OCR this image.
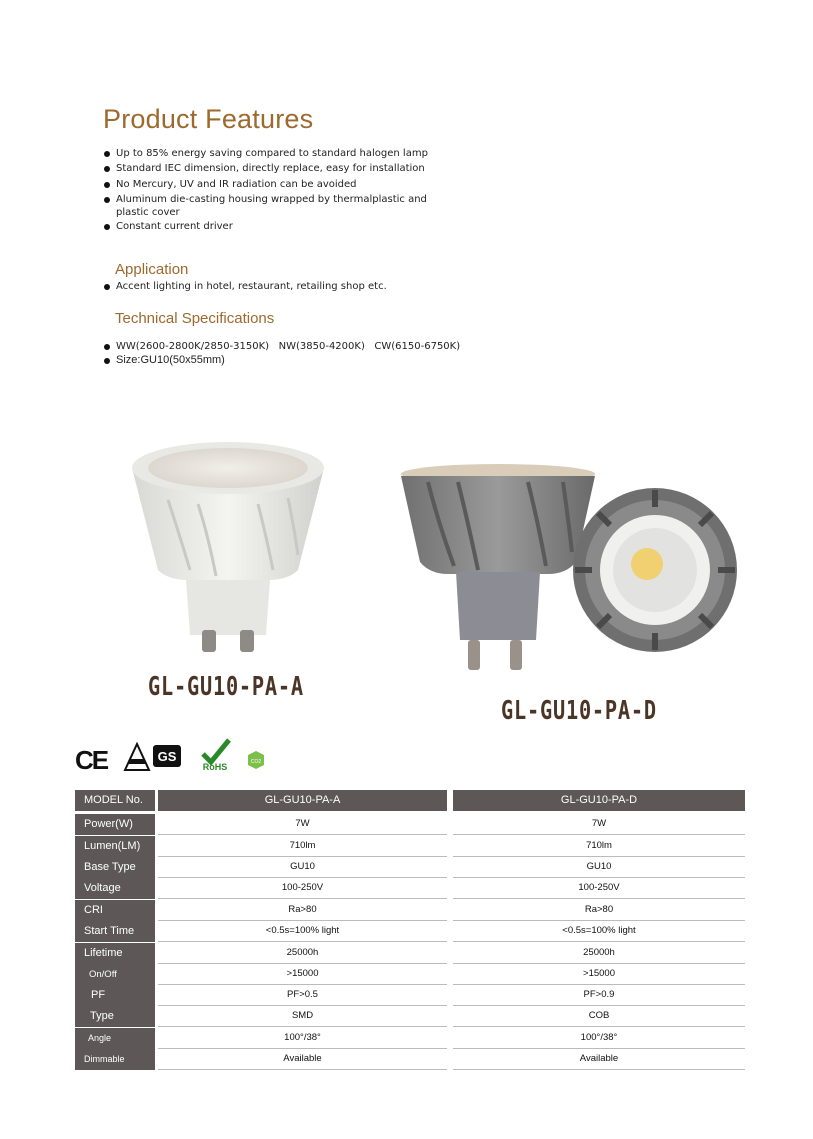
Product Features
Up to 85% energy saving compared to standard halogen lamp
Standard IEC dimension, directly replace, easy for installation
No Mercury, UV and IR radiation can be avoided
Aluminum die-casting housing wrapped by thermalplastic and plastic cover
Constant current driver
Application
Accent lighting in hotel, restaurant, retailing shop etc.
Technical Specifications
WW(2600-2800K/2850-3150K)   NW(3850-4200K)   CW(6150-6750K)
Size:GU10(50x55mm)
GL-GU10-PA-A
GL-GU10-PA-D
CE	GS
RoHS	CO2
MODEL No.	GL-GU10-PA-A	GL-GU10-PA-D
Power(W)	7W	7W
Lumen(LM)	710lm	710lm
Base Type	GU10	GU10
Voltage	100-250V	100-250V
CRI	Ra>80	Ra>80
Start Time	<0.5s=100% light	<0.5s=100% light
Lifetime	25000h	25000h
On/Off	>15000	>15000
PF	PF>0.5	PF>0.9
Type	SMD	COB
Angle	100°/38°	100°/38°
Dimmable	Available	Available
